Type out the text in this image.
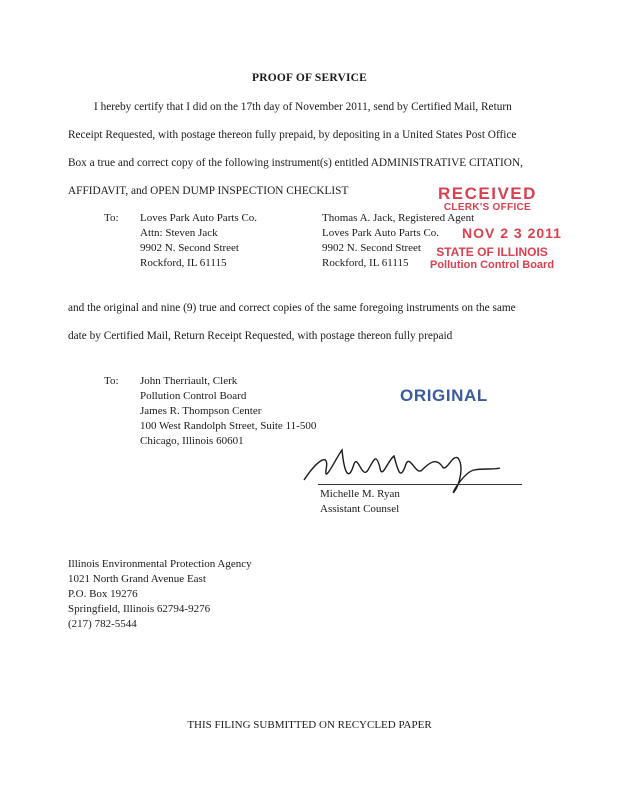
PROOF OF SERVICE
I hereby certify that I did on the 17th day of November 2011, send by Certified Mail, Return
Receipt Requested, with postage thereon fully prepaid, by depositing in a United States Post Office
Box a true and correct copy of the following instrument(s) entitled ADMINISTRATIVE CITATION,
AFFIDAVIT, and OPEN DUMP INSPECTION CHECKLIST
To: Loves Park Auto Parts Co.
Attn: Steven Jack
9902 N. Second Street
Rockford, IL 61115
Thomas A. Jack, Registered Agent
Loves Park Auto Parts Co.
9902 N. Second Street
Rockford, IL 61115
RECEIVED
CLERK'S OFFICE
NOV 2 3 2011
STATE OF ILLINOIS
Pollution Control Board
and the original and nine (9) true and correct copies of the same foregoing instruments on the same
date by Certified Mail, Return Receipt Requested, with postage thereon fully prepaid
To: John Therriault, Clerk
Pollution Control Board
James R. Thompson Center
100 West Randolph Street, Suite 11-500
Chicago, Illinois 60601
ORIGINAL
Michelle M. Ryan
Assistant Counsel
Illinois Environmental Protection Agency
1021 North Grand Avenue East
P.O. Box 19276
Springfield, Illinois 62794-9276
(217) 782-5544
THIS FILING SUBMITTED ON RECYCLED PAPER
